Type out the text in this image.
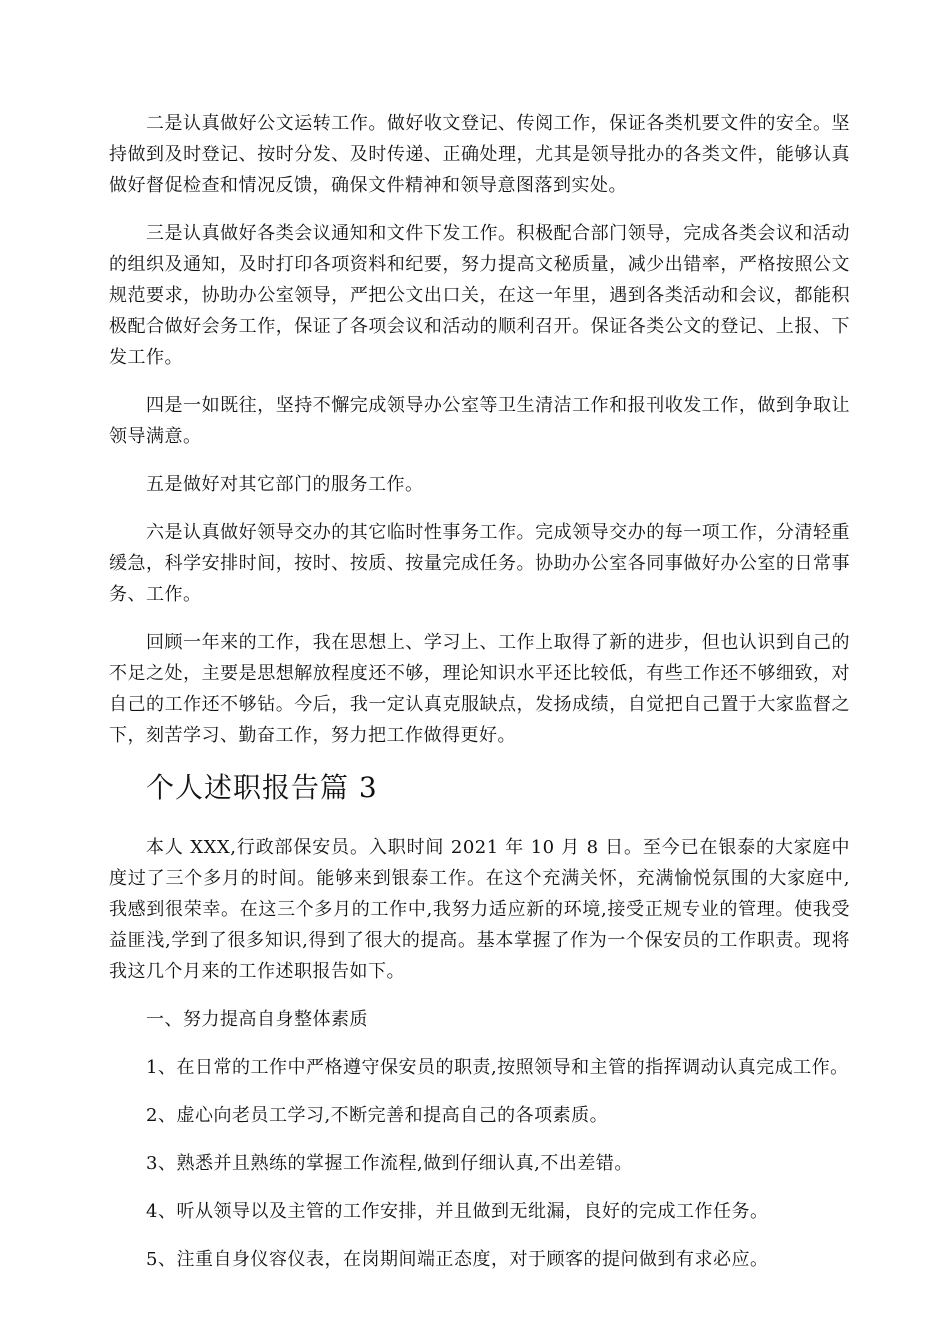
二是认真做好公文运转工作。做好收文登记、传阅工作，保证各类机要文件的安全。坚持做到及时登记、按时分发、及时传递、正确处理，尤其是领导批办的各类文件，能够认真做好督促检查和情况反馈，确保文件精神和领导意图落到实处。

三是认真做好各类会议通知和文件下发工作。积极配合部门领导，完成各类会议和活动的组织及通知，及时打印各项资料和纪要，努力提高文秘质量，减少出错率，严格按照公文规范要求，协助办公室领导，严把公文出口关，在这一年里，遇到各类活动和会议，都能积极配合做好会务工作，保证了各项会议和活动的顺利召开。保证各类公文的登记、上报、下发工作。

四是一如既往，坚持不懈完成领导办公室等卫生清洁工作和报刊收发工作，做到争取让领导满意。

五是做好对其它部门的服务工作。

六是认真做好领导交办的其它临时性事务工作。完成领导交办的每一项工作，分清轻重缓急，科学安排时间，按时、按质、按量完成任务。协助办公室各同事做好办公室的日常事务、工作。

回顾一年来的工作，我在思想上、学习上、工作上取得了新的进步，但也认识到自己的不足之处，主要是思想解放程度还不够，理论知识水平还比较低，有些工作还不够细致，对自己的工作还不够钻。今后，我一定认真克服缺点，发扬成绩，自觉把自己置于大家监督之下，刻苦学习、勤奋工作，努力把工作做得更好。

个人述职报告篇 3

本人 XXX,行政部保安员。入职时间 2021 年 10 月 8 日。至今已在银泰的大家庭中度过了三个多月的时间。能够来到银泰工作。在这个充满关怀，充满愉悦氛围的大家庭中,我感到很荣幸。在这三个多月的工作中,我努力适应新的环境,接受正规专业的管理。使我受益匪浅,学到了很多知识,得到了很大的提高。基本掌握了作为一个保安员的工作职责。现将我这几个月来的工作述职报告如下。

一、努力提高自身整体素质

1、在日常的工作中严格遵守保安员的职责,按照领导和主管的指挥调动认真完成工作。

2、虚心向老员工学习,不断完善和提高自己的各项素质。

3、熟悉并且熟练的掌握工作流程,做到仔细认真,不出差错。

4、听从领导以及主管的工作安排，并且做到无纰漏，良好的完成工作任务。

5、注重自身仪容仪表，在岗期间端正态度，对于顾客的提问做到有求必应。
